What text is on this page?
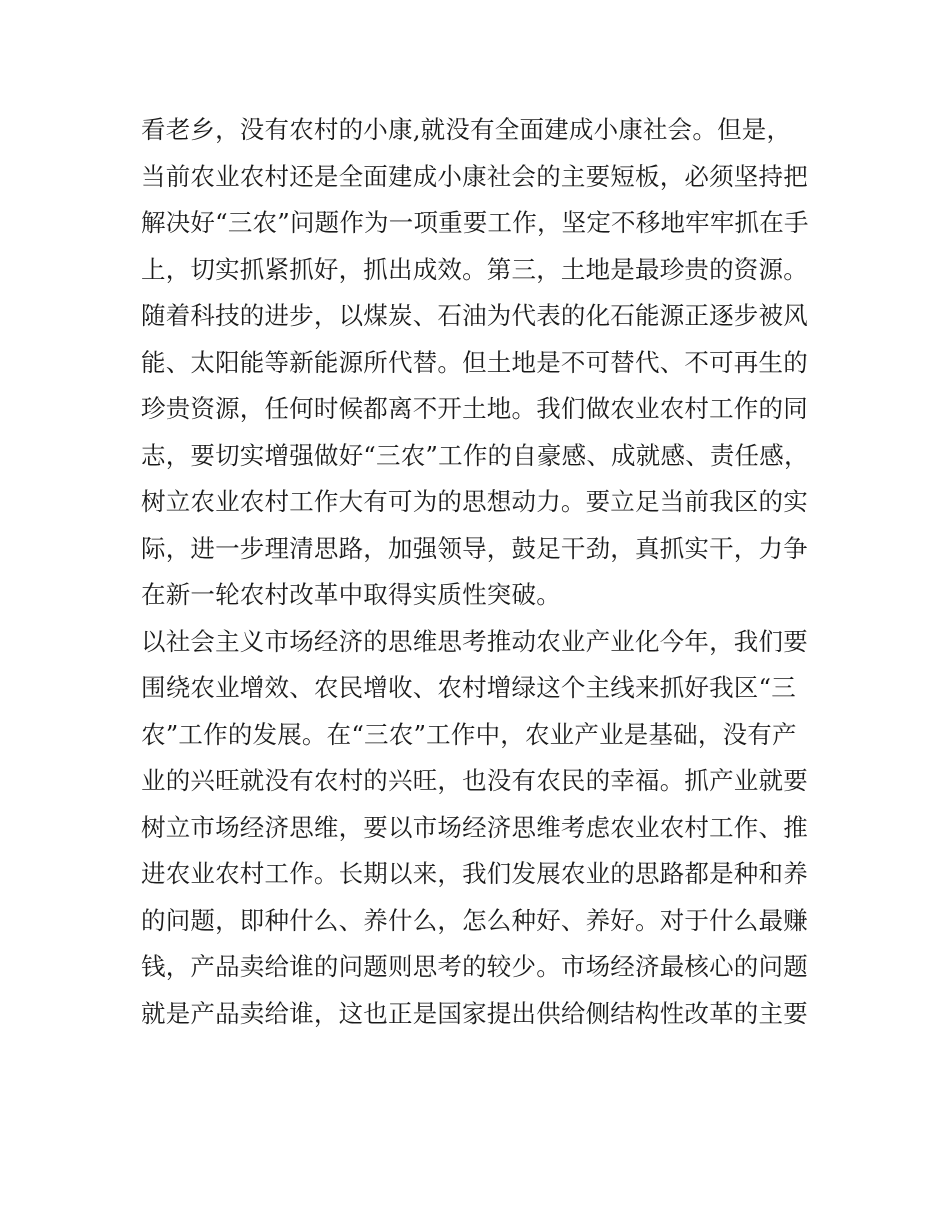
看老乡，没有农村的小康,就没有全面建成小康社会。但是，
当前农业农村还是全面建成小康社会的主要短板，必须坚持把
解决好“三农”问题作为一项重要工作，坚定不移地牢牢抓在手
上，切实抓紧抓好，抓出成效。第三，土地是最珍贵的资源。
随着科技的进步，以煤炭、石油为代表的化石能源正逐步被风
能、太阳能等新能源所代替。但土地是不可替代、不可再生的
珍贵资源，任何时候都离不开土地。我们做农业农村工作的同
志，要切实增强做好“三农”工作的自豪感、成就感、责任感，
树立农业农村工作大有可为的思想动力。要立足当前我区的实
际，进一步理清思路，加强领导，鼓足干劲，真抓实干，力争
在新一轮农村改革中取得实质性突破。
以社会主义市场经济的思维思考推动农业产业化今年，我们要
围绕农业增效、农民增收、农村增绿这个主线来抓好我区“三
农”工作的发展。在“三农”工作中，农业产业是基础，没有产
业的兴旺就没有农村的兴旺，也没有农民的幸福。抓产业就要
树立市场经济思维，要以市场经济思维考虑农业农村工作、推
进农业农村工作。长期以来，我们发展农业的思路都是种和养
的问题，即种什么、养什么，怎么种好、养好。对于什么最赚
钱，产品卖给谁的问题则思考的较少。市场经济最核心的问题
就是产品卖给谁，这也正是国家提出供给侧结构性改革的主要
